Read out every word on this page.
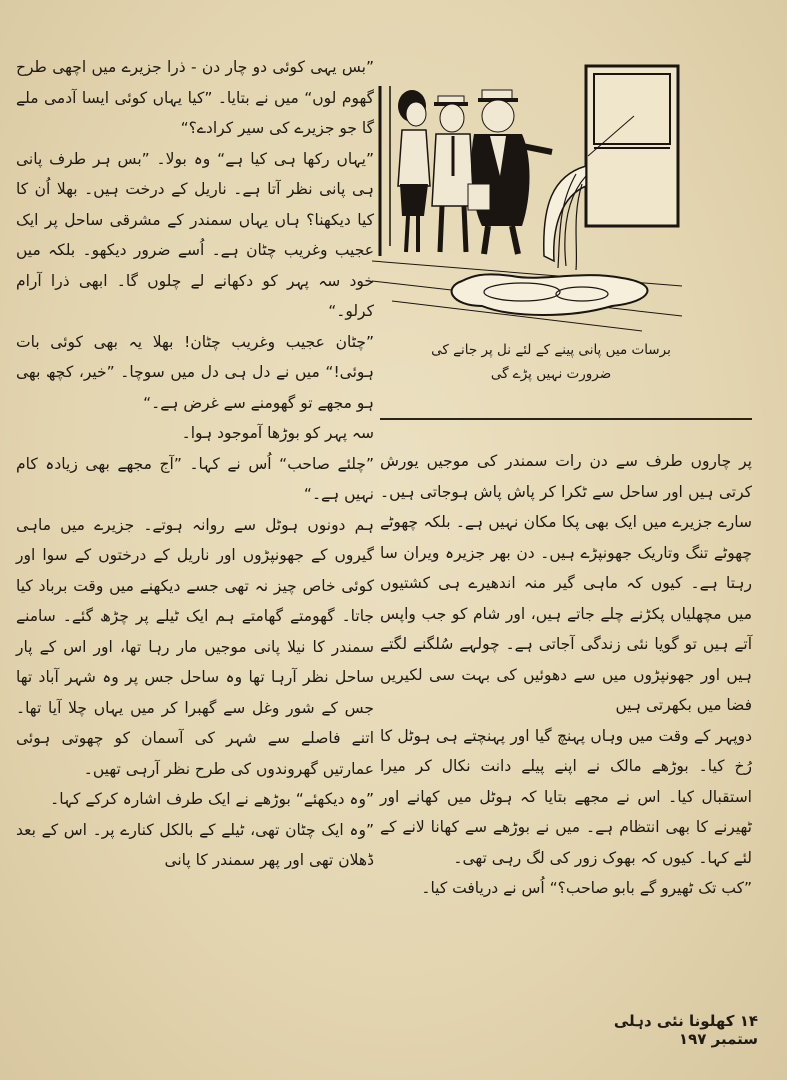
”بس یہی کوئی دو چار دن - ذرا جزیرے میں اچھی طرح گھوم لوں“ میں نے بتایا۔ ”کیا یہاں کوئی ایسا آدمی ملے گا جو جزیرے کی سیر کرادے؟“

”یہاں رکھا ہی کیا ہے“ وہ بولا۔ ”بس ہر طرف پانی ہی پانی نظر آتا ہے۔ ناریل کے درخت ہیں۔ بھلا اُن کا کیا دیکھنا؟ ہاں یہاں سمندر کے مشرقی ساحل پر ایک عجیب وغریب چٹان ہے۔ اُسے ضرور دیکھو۔ بلکہ میں خود سہ پہر کو دکھانے لے چلوں گا۔ ابھی ذرا آرام کرلو۔“

”چٹان عجیب وغریب چٹان! بھلا یہ بھی کوئی بات ہوئی!“ میں نے دل ہی دل میں سوچا۔ ”خیر، کچھ بھی ہو مجھے تو گھومنے سے غرض ہے۔“

سہ پہر کو بوڑھا آموجود ہوا۔

”چلئے صاحب“ اُس نے کہا۔ ”آج مجھے بھی زیادہ کام نہیں ہے۔“

ہم دونوں ہوٹل سے روانہ ہوتے۔ جزیرے میں ماہی گیروں کے جھونپڑوں اور ناریل کے درختوں کے سوا اور کوئی خاص چیز نہ تھی جسے دیکھنے میں وقت برباد کیا جاتا۔ گھومتے گھامتے ہم ایک ٹیلے پر چڑھ گئے۔ سامنے سمندر کا نیلا پانی موجیں مار رہا تھا، اور اس کے پار ساحل نظر آرہا تھا وہ ساحل جس پر وہ شہر آباد تھا جس کے شور وغل سے گھبرا کر میں یہاں چلا آیا تھا۔ اتنے فاصلے سے شہر کی آسمان کو چھوتی ہوئی عمارتیں گھروندوں کی طرح نظر آرہی تھیں۔

”وہ دیکھئے“ بوڑھے نے ایک طرف اشارہ کرکے کہا۔

”وہ ایک چٹان تھی، ٹیلے کے بالکل کنارے پر۔ اس کے بعد ڈھلان تھی اور پھر سمندر کا پانی

برسات میں پانی پینے کے لئے نل پر جانے کی ضرورت نہیں پڑے گی

پر چاروں طرف سے دن رات سمندر کی موجیں یورش کرتی ہیں اور ساحل سے ٹکرا کر پاش پاش ہوجاتی ہیں۔ سارے جزیرے میں ایک بھی پکا مکان نہیں ہے۔ بلکہ چھوٹے چھوٹے تنگ وتاریک جھونپڑے ہیں۔ دن بھر جزیرہ ویران سا رہتا ہے۔ کیوں کہ ماہی گیر منہ اندھیرے ہی کشتیوں میں مچھلیاں پکڑنے چلے جاتے ہیں، اور شام کو جب واپس آتے ہیں تو گویا نئی زندگی آجاتی ہے۔ چولہے سُلگنے لگتے ہیں اور جھونپڑوں میں سے دھوئیں کی بہت سی لکیریں فضا میں بکھرتی ہیں

دوپہر کے وقت میں وہاں پہنچ گیا اور پہنچتے ہی ہوٹل کا رُخ کیا۔ بوڑھے مالک نے اپنے پیلے دانت نکال کر میرا استقبال کیا۔ اس نے مجھے بتایا کہ ہوٹل میں کھانے اور ٹھیرنے کا بھی انتظام ہے۔ میں نے بوڑھے سے کھانا لانے کے لئے کہا۔ کیوں کہ بھوک زور کی لگ رہی تھی۔

”کب تک ٹھیرو گے بابو صاحب؟“ اُس نے دریافت کیا۔

۱۴ کھلونا نئی دہلی ستمبر ۱۹۷
